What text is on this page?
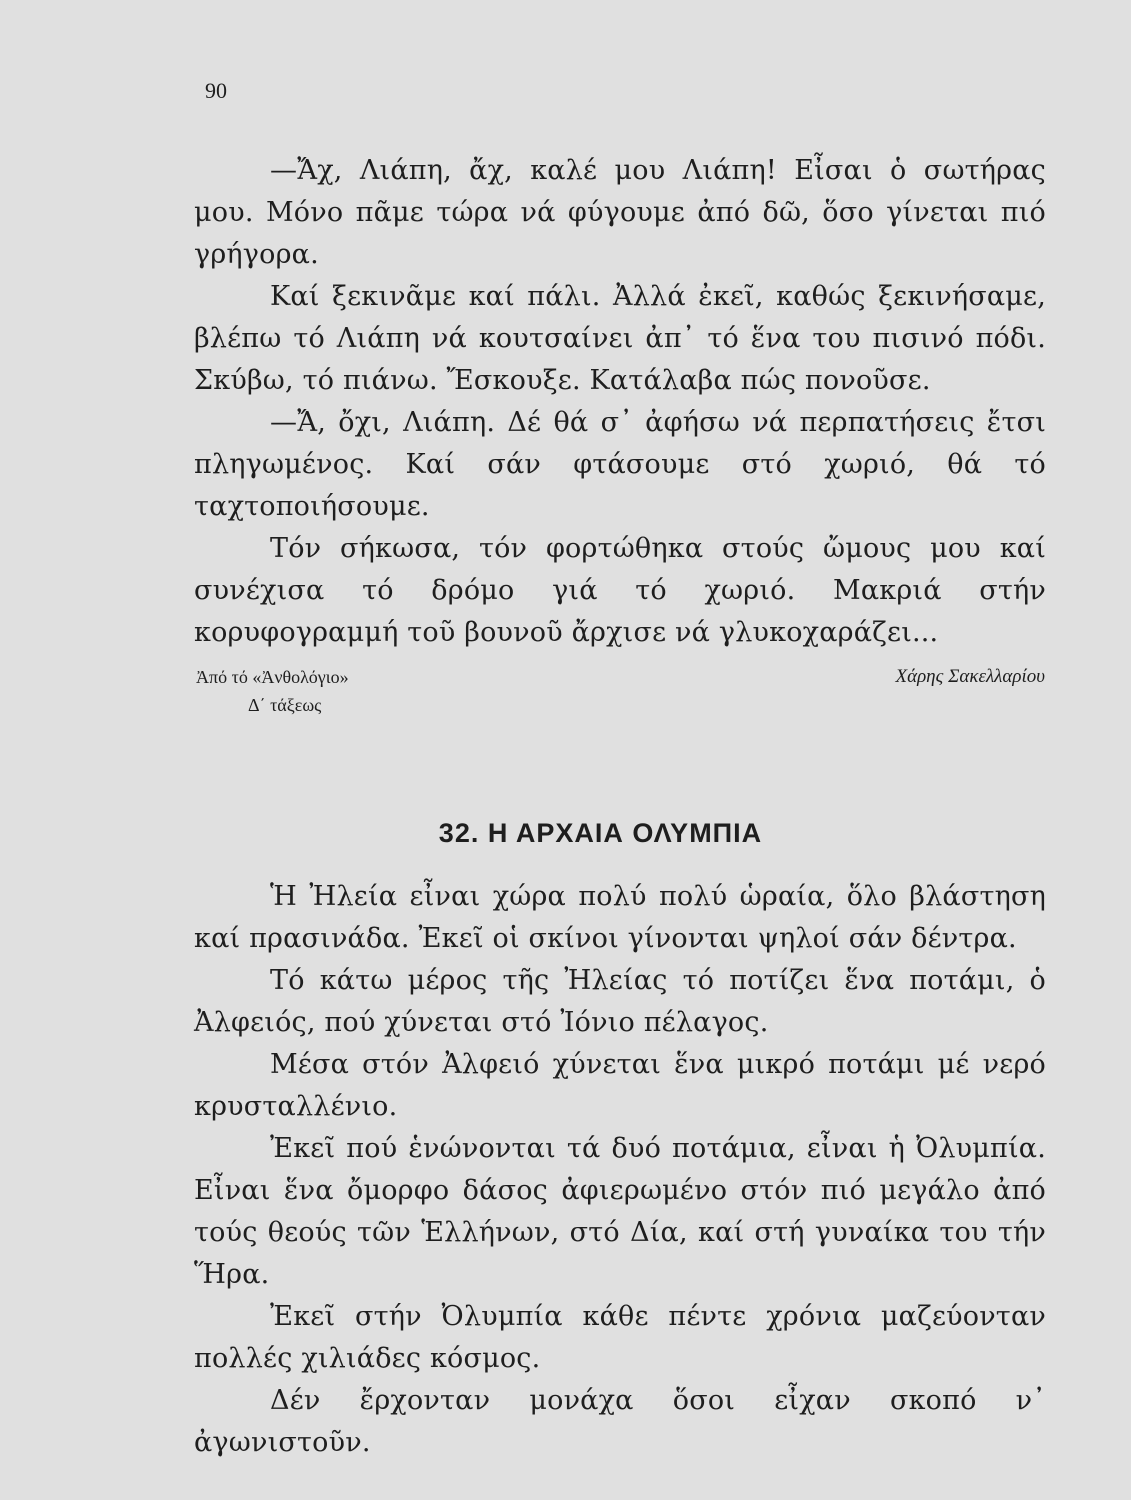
90

—Ἄχ, Λιάπη, ἄχ, καλέ μου Λιάπη! Εἶσαι ὁ σωτήρας μου. Μόνο πᾶμε τώρα νά φύγουμε ἀπό δῶ, ὅσο γίνεται πιό γρήγορα.

Καί ξεκινᾶμε καί πάλι. Ἀλλά ἐκεῖ, καθώς ξεκινήσαμε, βλέπω τό Λιάπη νά κουτσαίνει ἀπ᾿ τό ἕνα του πισινό πόδι. Σκύβω, τό πιάνω. Ἔσκουξε. Κατάλαβα πώς πονοῦσε.

—Ἄ, ὄχι, Λιάπη. Δέ θά σ᾿ ἀφήσω νά περπατήσεις ἔτσι πληγωμένος. Καί σάν φτάσουμε στό χωριό, θά τό ταχτοποιήσουμε.

Τόν σήκωσα, τόν φορτώθηκα στούς ὤμους μου καί συνέχισα τό δρόμο γιά τό χωριό. Μακριά στήν κορυφογραμμή τοῦ βουνοῦ ἄρχισε νά γλυκοχαράζει...

Ἀπό τό «Ἀνθολόγιο»
Δ΄ τάξεως
Χάρης Σακελλαρίου
32. Η ΑΡΧΑΙΑ ΟΛΥΜΠΙΑ

Ἡ Ἠλεία εἶναι χώρα πολύ πολύ ὡραία, ὅλο βλάστηση καί πρασινάδα. Ἐκεῖ οἱ σκίνοι γίνονται ψηλοί σάν δέντρα.

Τό κάτω μέρος τῆς Ἠλείας τό ποτίζει ἕνα ποτάμι, ὁ Ἀλφειός, πού χύνεται στό Ἰόνιο πέλαγος.

Μέσα στόν Ἀλφειό χύνεται ἕνα μικρό ποτάμι μέ νερό κρυσταλλένιο.

Ἐκεῖ πού ἑνώνονται τά δυό ποτάμια, εἶναι ἡ Ὀλυμπία. Εἶναι ἕνα ὄμορφο δάσος ἀφιερωμένο στόν πιό μεγάλο ἀπό τούς θεούς τῶν Ἑλλήνων, στό Δία, καί στή γυναίκα του τήν Ἥρα.

Ἐκεῖ στήν Ὀλυμπία κάθε πέντε χρόνια μαζεύονταν πολλές χιλιάδες κόσμος.

Δέν ἔρχονταν μονάχα ὅσοι εἶχαν σκοπό ν᾿ ἀγωνιστοῦν.
